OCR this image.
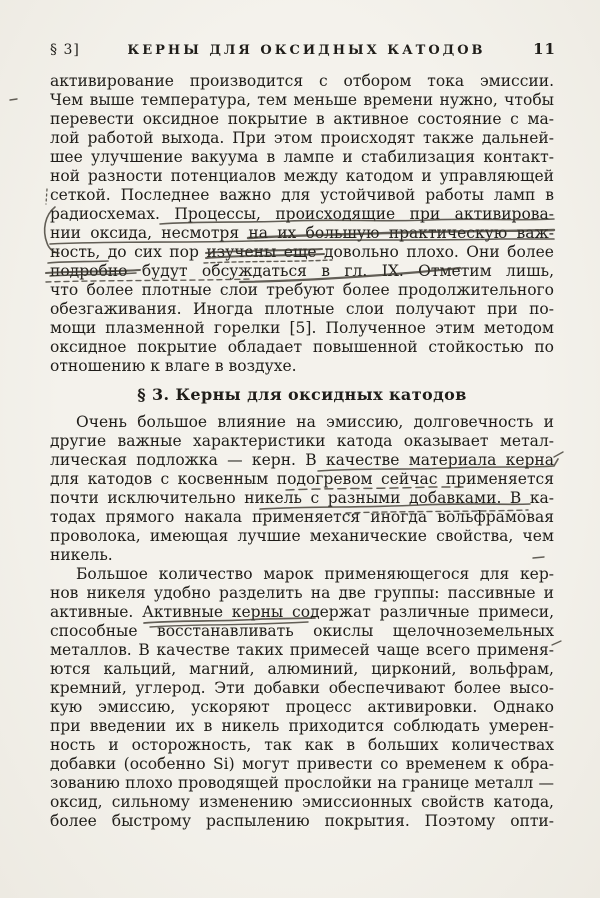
§ 3]	КЕРНЫ ДЛЯ ОКСИДНЫХ КАТОДОВ	11
активирование производится с отбором тока эмиссии.
Чем выше температура, тем меньше времени нужно, чтобы
перевести оксидное покрытие в активное состояние с ма-
лой работой выхода. При этом происходят также дальней-
шее улучшение вакуума в лампе и стабилизация контакт-
ной разности потенциалов между катодом и управляющей
сеткой. Последнее важно для устойчивой работы ламп в
радиосхемах. Процессы, происходящие при активирова-
нии оксида, несмотря на их большую практическую важ-
ность, до сих пор изучены еще довольно плохо. Они более
подробно будут обсуждаться в гл. IX. Отметим лишь,
что более плотные слои требуют более продолжительного
обезгаживания. Иногда плотные слои получают при по-
мощи плазменной горелки [5]. Полученное этим методом
оксидное покрытие обладает повышенной стойкостью по
отношению к влаге в воздухе.
§ 3. Керны для оксидных катодов
Очень большое влияние на эмиссию, долговечность и
другие важные характеристики катода оказывает метал-
лическая подложка — керн. В качестве материала керна
для катодов с косвенным подогревом сейчас применяется
почти исключительно никель с разными добавками. В ка-
тодах прямого накала применяется иногда вольфрамовая
проволока, имеющая лучшие механические свойства, чем
никель.
Большое количество марок применяющегося для кер-
нов никеля удобно разделить на две группы: пассивные и
активные. Активные керны содержат различные примеси,
способные восстанавливать окислы щелочноземельных
металлов. В качестве таких примесей чаще всего применя-
ются кальций, магний, алюминий, цирконий, вольфрам,
кремний, углерод. Эти добавки обеспечивают более высо-
кую эмиссию, ускоряют процесс активировки. Однако
при введении их в никель приходится соблюдать умерен-
ность и осторожность, так как в больших количествах
добавки (особенно Si) могут привести со временем к обра-
зованию плохо проводящей прослойки на границе металл —
оксид, сильному изменению эмиссионных свойств катода,
более быстрому распылению покрытия. Поэтому опти-
